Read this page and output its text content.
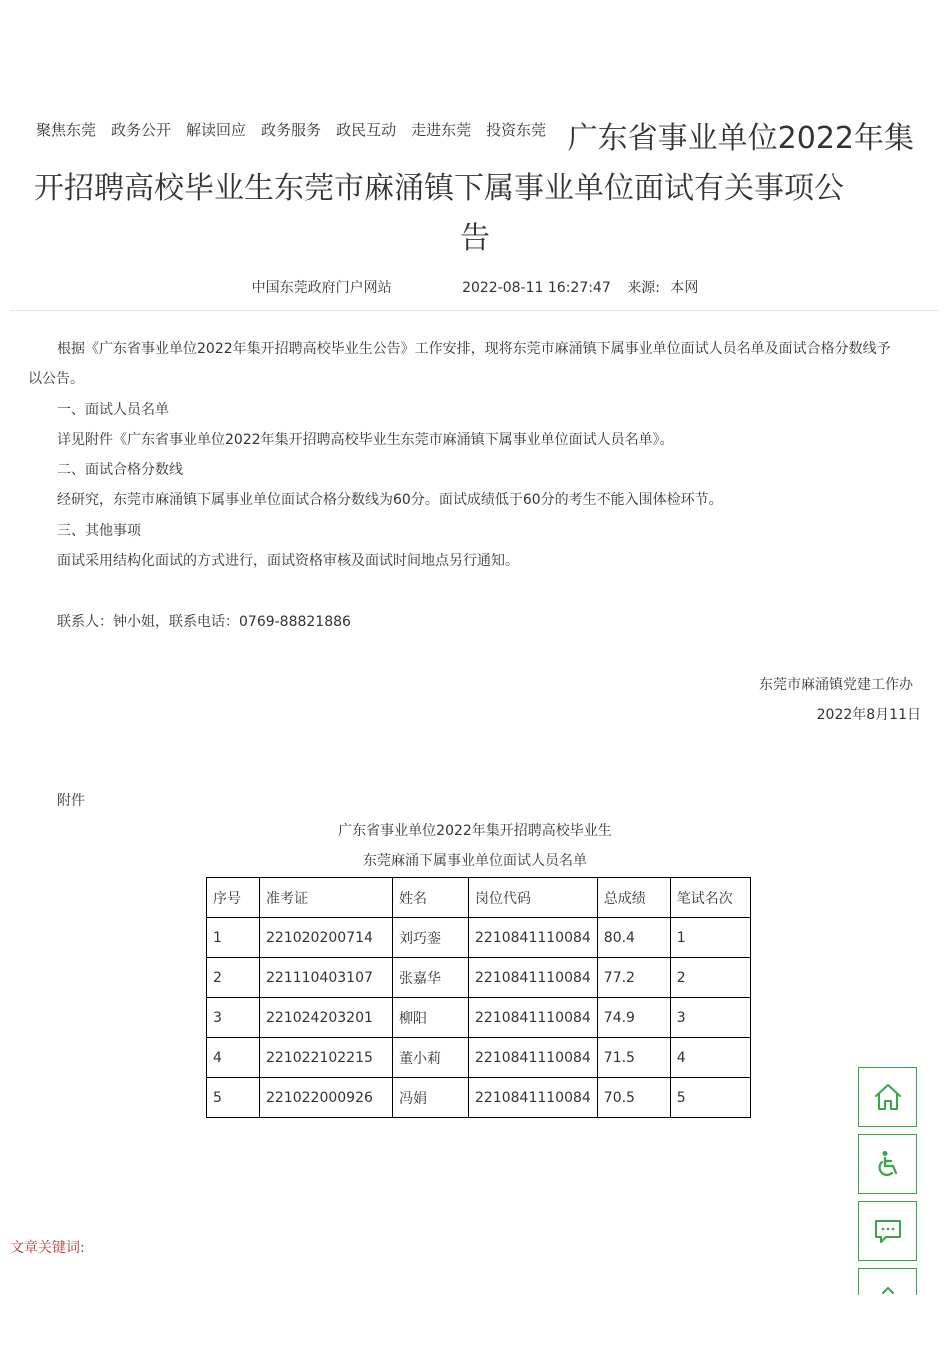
聚焦东莞 政务公开 解读回应 政务服务 政民互动 走进东莞 投资东莞 广东省事业单位2022年集
开招聘高校毕业生东莞市麻涌镇下属事业单位面试有关事项公
告
中国东莞政府门户网站	2022-08-11 16:27:47 来源: 本网

根据《广东省事业单位2022年集开招聘高校毕业生公告》工作安排，现将东莞市麻涌镇下属事业单位面试人员名单及面试合格分数线予以公告。

一、面试人员名单

详见附件《广东省事业单位2022年集开招聘高校毕业生东莞市麻涌镇下属事业单位面试人员名单》。

二、面试合格分数线

经研究，东莞市麻涌镇下属事业单位面试合格分数线为60分。面试成绩低于60分的考生不能入围体检环节。

三、其他事项

面试采用结构化面试的方式进行，面试资格审核及面试时间地点另行通知。

联系人：钟小姐，联系电话：0769-88821886

东莞市麻涌镇党建工作办
2022年8月11日
附件
广东省事业单位2022年集开招聘高校毕业生
东莞麻涌下属事业单位面试人员名单
序号	准考证	姓名	岗位代码	总成绩	笔试名次
1	221020200714	刘巧銮	2210841110084	80.4	1
2	221110403107	张嘉华	2210841110084	77.2	2
3	221024203201	柳阳	2210841110084	74.9	3
4	221022102215	董小莉	2210841110084	71.5	4
5	221022000926	冯娟	2210841110084	70.5	5
文章关键词:
